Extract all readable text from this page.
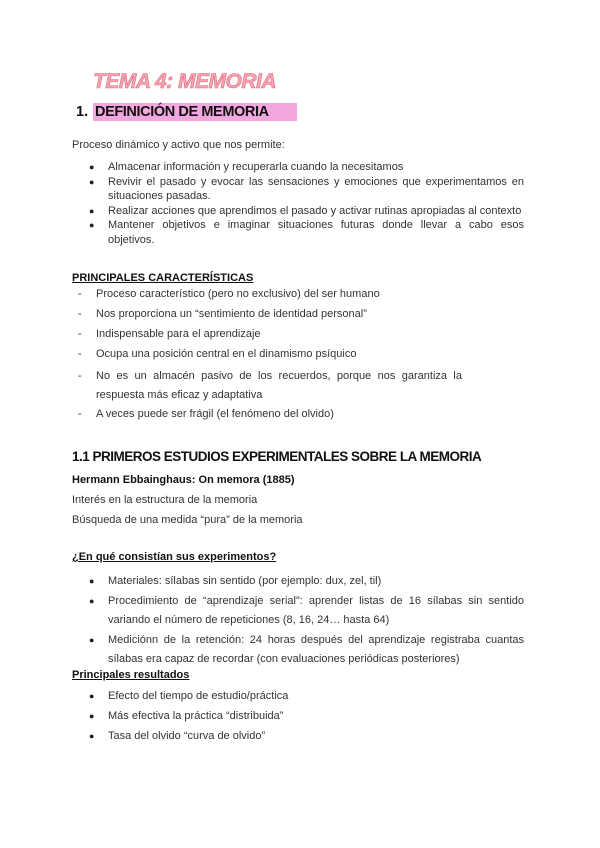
TEMA 4: MEMORIA
1. DEFINICIÓN DE MEMORIA

Proceso dinámico y activo que nos permite:

● Almacenar información y recuperarla cuando la necesitamos
● Revivir el pasado y evocar las sensaciones y emociones que experimentamos en situaciones pasadas.
● Realizar acciones que aprendimos el pasado y activar rutinas apropiadas al contexto
● Mantener objetivos e imaginar situaciones futuras donde llevar a cabo esos objetivos.

PRINCIPALES CARACTERÍSTICAS

- Proceso característico (pero no exclusivo) del ser humano
- Nos proporciona un “sentimiento de identidad personal”
- Indispensable para el aprendizaje
- Ocupa una posición central en el dinamismo psíquico
- No es un almacén pasivo de los recuerdos, porque nos garantiza la respuesta más eficaz y adaptativa
- A veces puede ser frágil (el fenómeno del olvido)
1.1 PRIMEROS ESTUDIOS EXPERIMENTALES SOBRE LA MEMORIA

Hermann Ebbainghaus: On memora (1885)

Interés en la estructura de la memoria

Búsqueda de una medida “pura” de la memoria

¿En qué consistían sus experimentos?

● Materiales: sílabas sin sentido (por ejemplo: dux, zel, til)
● Procedimiento de “aprendizaje serial”: aprender listas de 16 sílabas sin sentido variando el número de repeticiones (8, 16, 24… hasta 64)
● Mediciónn de la retención: 24 horas después del aprendizaje registraba cuantas sílabas era capaz de recordar (con evaluaciones periódicas posteriores)

Principales resultados

● Efecto del tiempo de estudio/práctica
● Más efectiva la práctica “distribuida”
● Tasa del olvido “curva de olvido”
